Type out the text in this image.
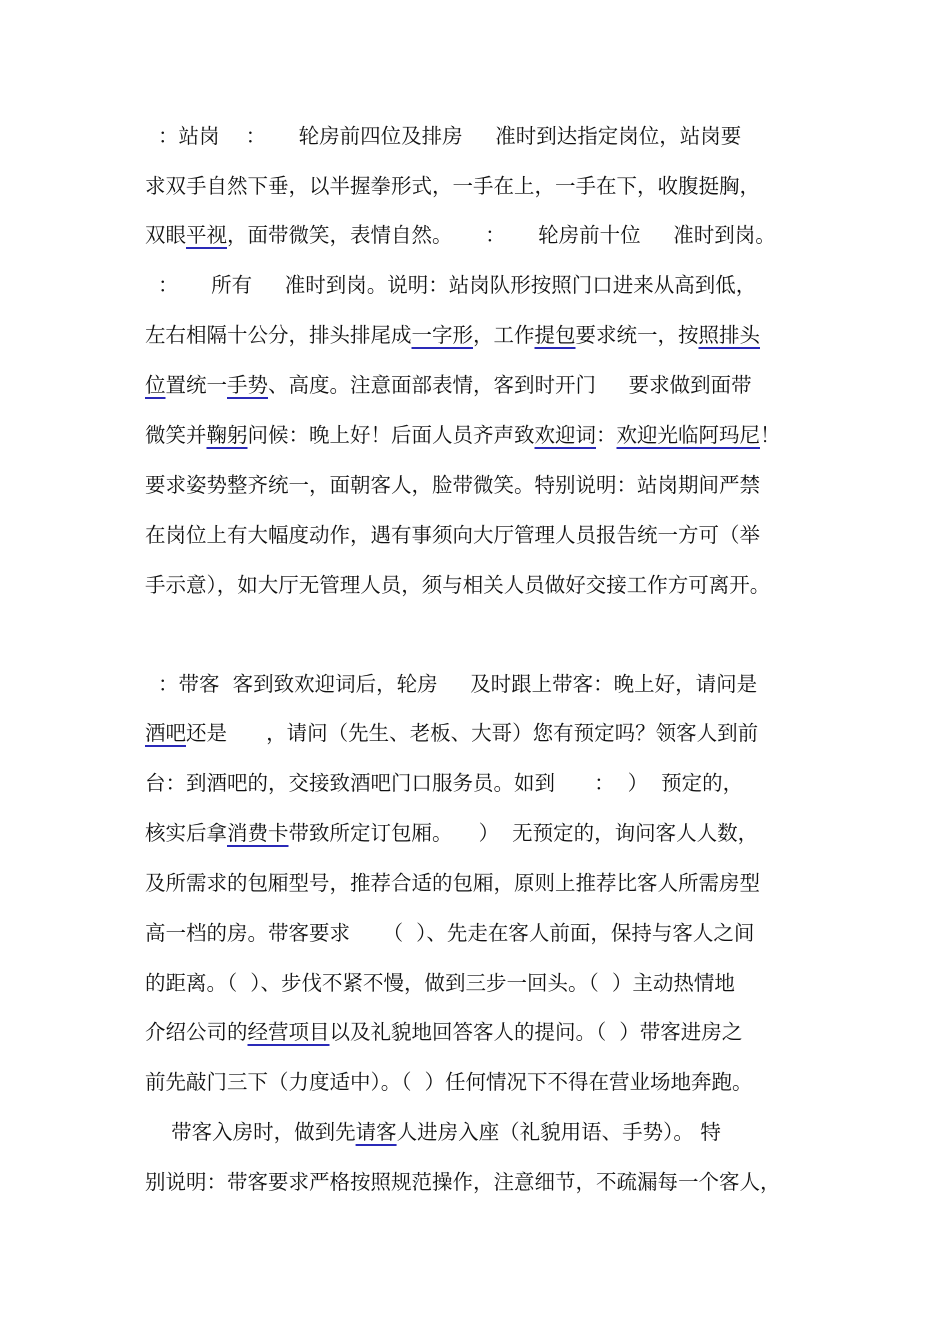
：站岗    ：     轮房前四位及排房     准时到达指定岗位，站岗要
求双手自然下垂，以半握拳形式，一手在上，一手在下，收腹挺胸，
双眼平视，面带微笑，表情自然。     ：     轮房前十位     准时到岗。
：     所有     准时到岗。说明：站岗队形按照门口进来从高到低，
左右相隔十公分，排头排尾成一字形，工作提包要求统一，按照排头
位置统一手势、高度。注意面部表情，客到时开门     要求做到面带
微笑并鞠躬问候：晚上好！后面人员齐声致欢迎词：欢迎光临阿玛尼！
要求姿势整齐统一，面朝客人，脸带微笑。特别说明：站岗期间严禁
在岗位上有大幅度动作，遇有事须向大厅管理人员报告统一方可（举
手示意），如大厅无管理人员，须与相关人员做好交接工作方可离开。
：带客  客到致欢迎词后，轮房     及时跟上带客：晚上好，请问是
酒吧还是      ，请问（先生、老板、大哥）您有预定吗？领客人到前
台：到酒吧的，交接致酒吧门口服务员。如到      ：  ）  预定的，
核实后拿消费卡带致所定订包厢。    ）  无预定的，询问客人人数，
及所需求的包厢型号，推荐合适的包厢，原则上推荐比客人所需房型
高一档的房。带客要求     （  ）、先走在客人前面，保持与客人之间
的距离。（  ）、步伐不紧不慢，做到三步一回头。（  ）主动热情地
介绍公司的经营项目以及礼貌地回答客人的提问。（  ）带客进房之
前先敲门三下（力度适中）。（  ）任何情况下不得在营业场地奔跑。
带客入房时，做到先请客人进房入座（礼貌用语、手势）。 特
别说明：带客要求严格按照规范操作，注意细节，不疏漏每一个客人，
